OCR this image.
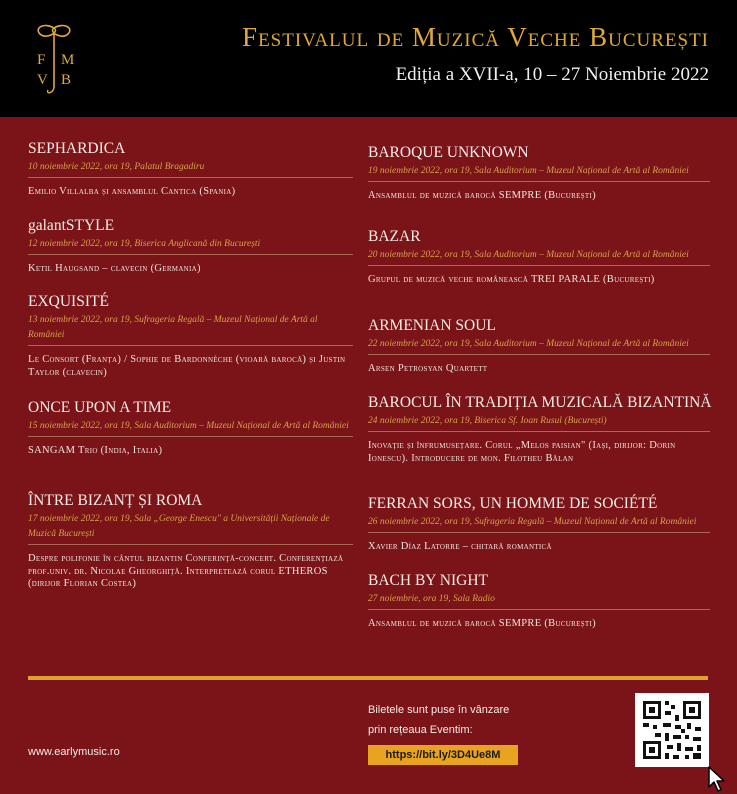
F M
V B
Festivalul de Muzică Veche București
Ediția a XVII-a, 10 – 27 Noiembrie 2022
SEPHARDICA
10 noiembrie 2022, ora 19, Palatul Bragadiru
Emilio Villalba și ansamblul Cantica (Spania)
galantSTYLE
12 noiembrie 2022, ora 19, Biserica Anglicană din București
Ketil Haugsand – clavecin (Germania)
EXQUISITÉ
13 noiembrie 2022, ora 19, Sufrageria Regală – Muzeul Național de Artă al României
Le Consort (Franța) / Sophie de Bardonnèche (vioară barocă) și Justin Taylor (clavecin)
ONCE UPON A TIME
15 noiembrie 2022, ora 19, Sala Auditorium – Muzeul Național de Artă al României
SANGAM Trio (India, Italia)
ÎNTRE BIZANȚ ȘI ROMA
17 noiembrie 2022, ora 19, Sala „George Enescu" a Universității Naționale de Muzică București
Despre polifonie în cântul bizantin Conferință-concert. Conferențiază prof.univ. dr. Nicolae Gheorghiță. Interpretează corul ETHEROS (dirijor Florian Costea)
BAROQUE UNKNOWN
19 noiembrie 2022, ora 19, Sala Auditorium – Muzeul Național de Artă al României
Ansamblul de muzică barocă SEMPRE (București)
BAZAR
20 noiembrie 2022, ora 19, Sala Auditorium – Muzeul Național de Artă al României
Grupul de muzică veche românească TREI PARALE (București)
ARMENIAN SOUL
22 noiembrie 2022, ora 19, Sala Auditorium – Muzeul Național de Artă al României
Arsen Petrosyan Quartett
BAROCUL ÎN TRADIȚIA MUZICALĂ BIZANTINĂ
24 noiembrie 2022, ora 19, Biserica Sf. Ioan Rusul (București)
Inovație și înfrumusețare. Corul „Melos paisian" (Iași, dirijor: Dorin Ionescu). Introducere de mon. Filotheu Bălan
FERRAN SORS, UN HOMME DE SOCIÉTÉ
26 noiembrie 2022, ora 19, Sufrageria Regală – Muzeul Național de Artă al României
Xavier Díaz Latorre – chitară romantică
BACH BY NIGHT
27 noiembrie, ora 19, Sala Radio
Ansamblul de muzică barocă SEMPRE (București)
www.earlymusic.ro
Biletele sunt puse în vânzare
prin rețeaua Eventim:
https://bit.ly/3D4Ue8M
